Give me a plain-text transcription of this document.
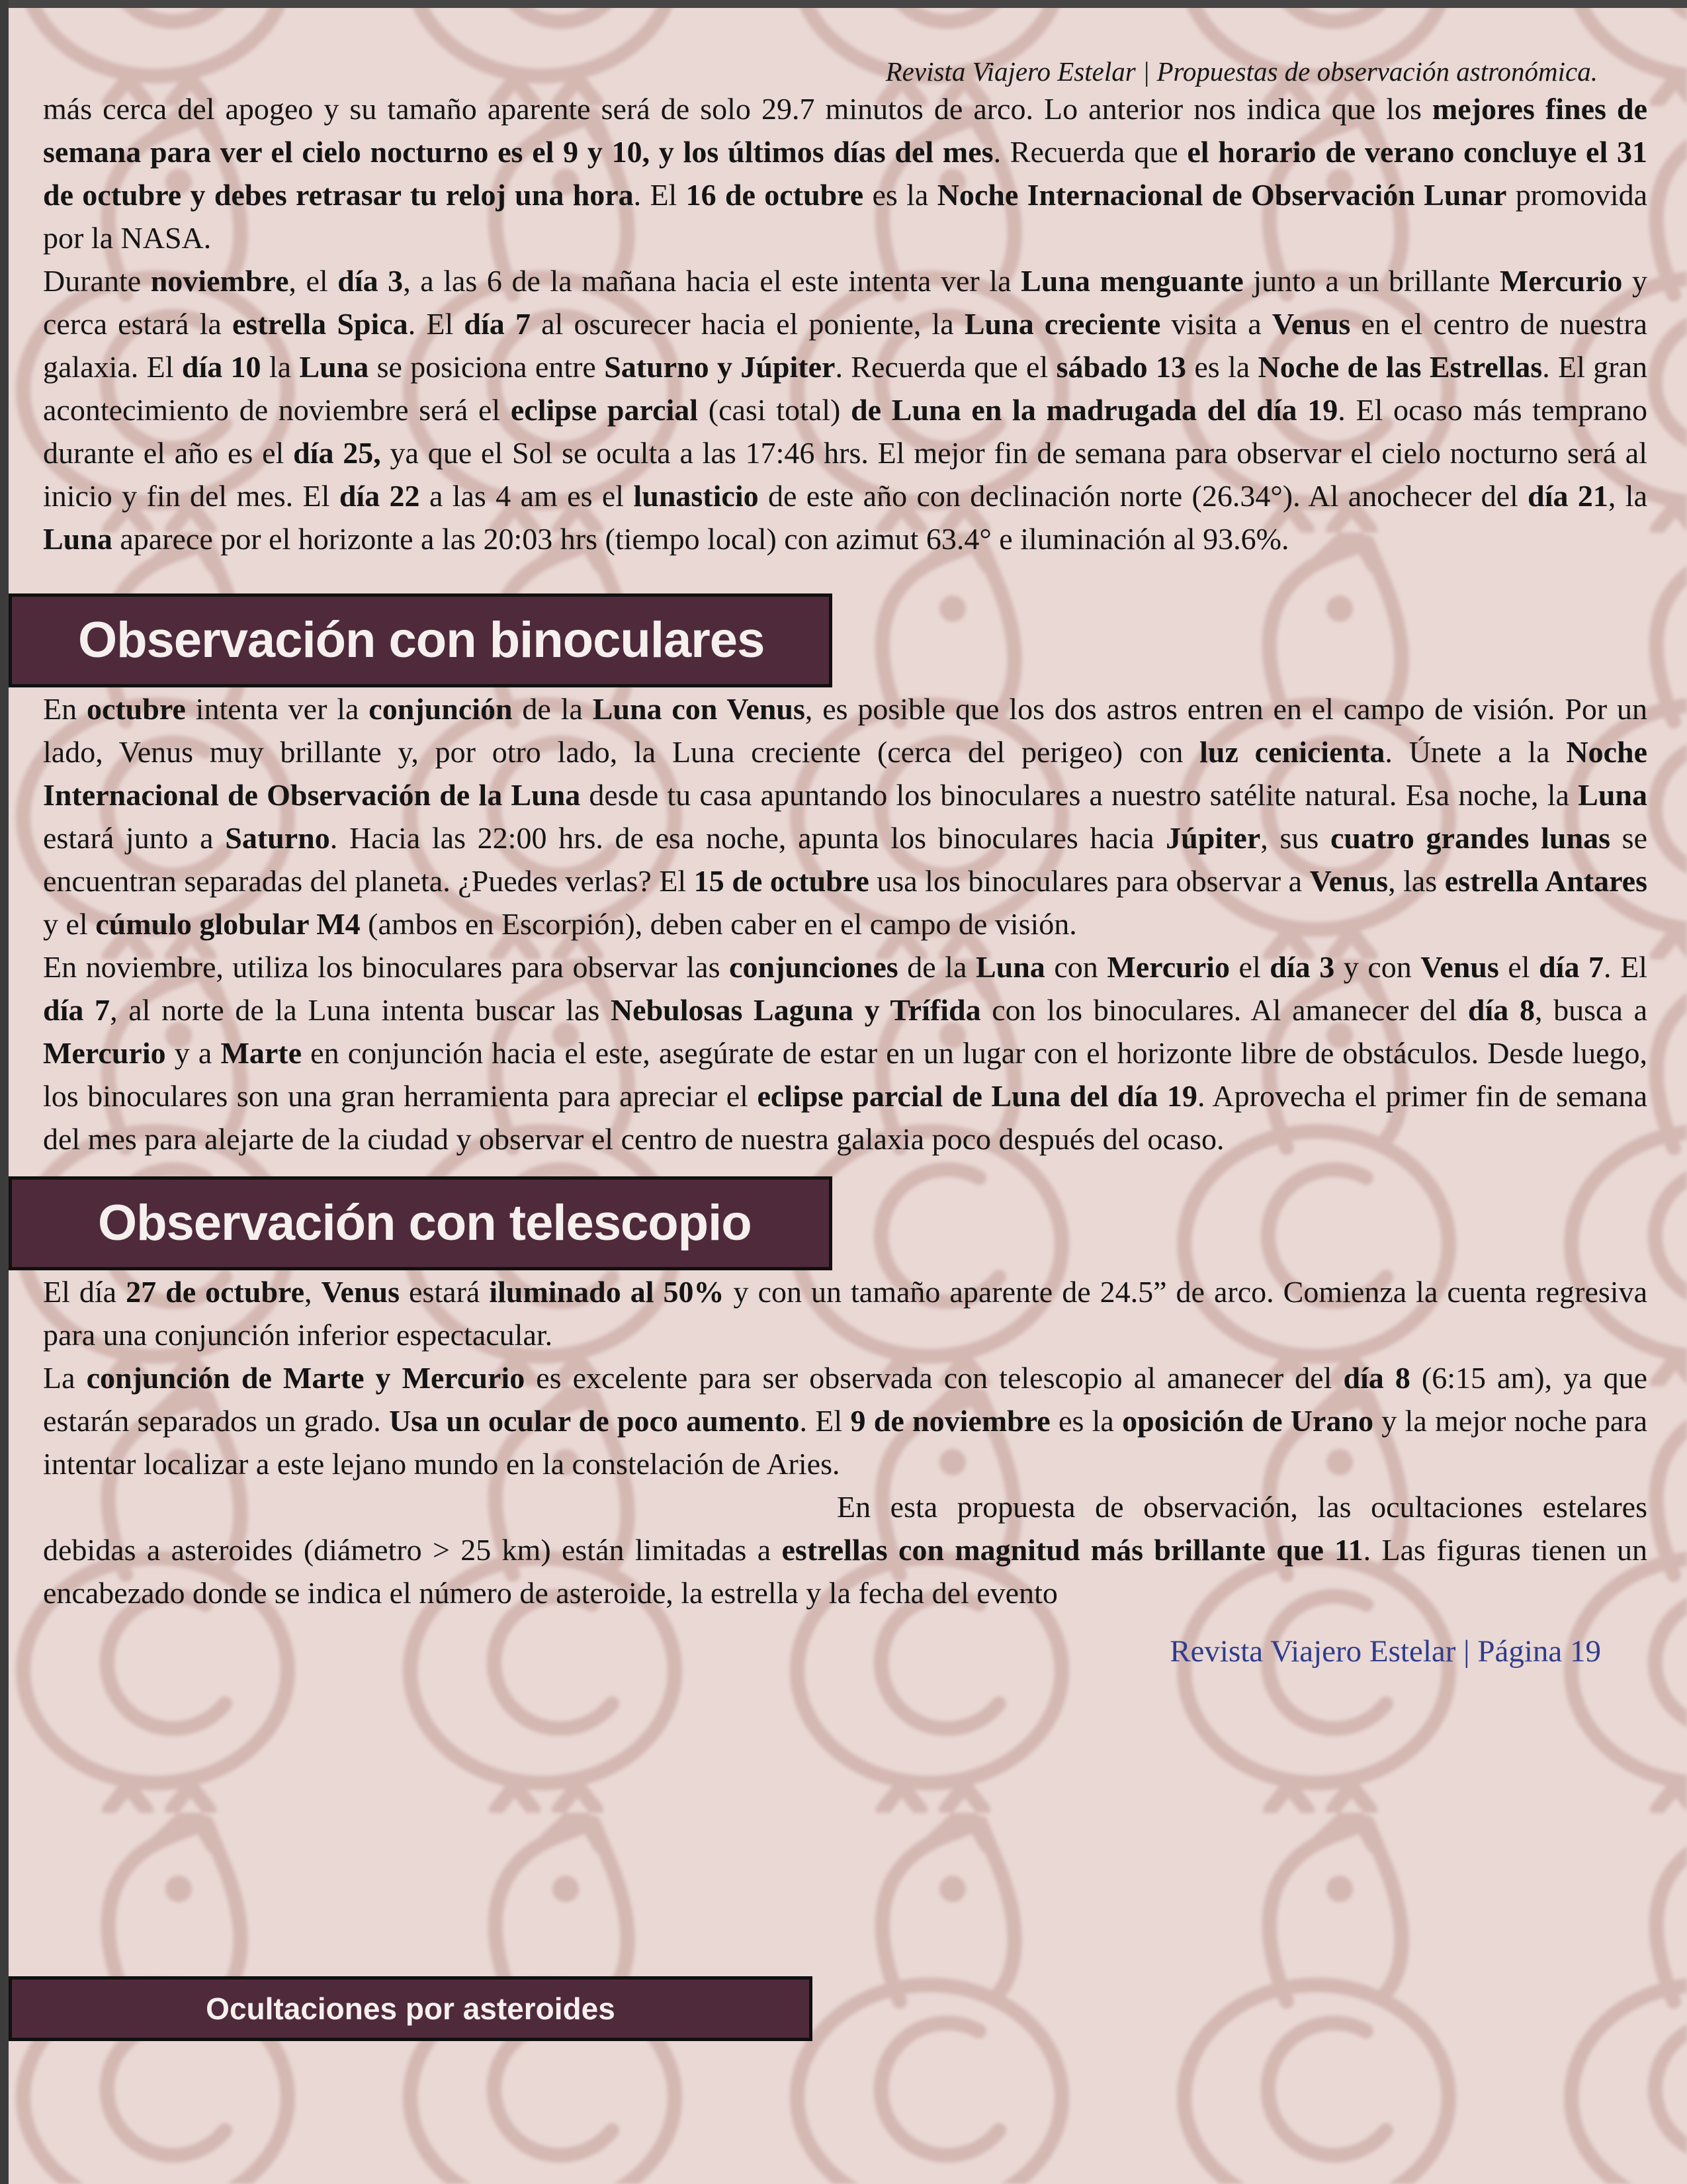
Revista Viajero Estelar | Propuestas de observación astronómica.

más cerca del apogeo y su tamaño aparente será de solo 29.7 minutos de arco. Lo anterior nos indica que los mejores fines de semana para ver el cielo nocturno es el 9 y 10, y los últimos días del mes. Recuerda que el horario de verano concluye el 31 de octubre y debes retrasar tu reloj una hora. El 16 de octubre es la Noche Internacional de Observación Lunar promovida por la NASA.

Durante noviembre, el día 3, a las 6 de la mañana hacia el este intenta ver la Luna menguante junto a un brillante Mercurio y cerca estará la estrella Spica. El día 7 al oscurecer hacia el poniente, la Luna creciente visita a Venus en el centro de nuestra galaxia. El día 10 la Luna se posiciona entre Saturno y Júpiter. Recuerda que el sábado 13 es la Noche de las Estrellas. El gran acontecimiento de noviembre será el eclipse parcial (casi total) de Luna en la madrugada del día 19. El ocaso más temprano durante el año es el día 25, ya que el Sol se oculta a las 17:46 hrs. El mejor fin de semana para observar el cielo nocturno será al inicio y fin del mes. El día 22 a las 4 am es el lunasticio de este año con declinación norte (26.34°). Al anochecer del día 21, la Luna aparece por el horizonte a las 20:03 hrs (tiempo local) con azimut 63.4° e iluminación al 93.6%.

Observación con binoculares

En octubre intenta ver la conjunción de la Luna con Venus, es posible que los dos astros entren en el campo de visión. Por un lado, Venus muy brillante y, por otro lado, la Luna creciente (cerca del perigeo) con luz cenicienta. Únete a la Noche Internacional de Observación de la Luna desde tu casa apuntando los binoculares a nuestro satélite natural. Esa noche, la Luna estará junto a Saturno. Hacia las 22:00 hrs. de esa noche, apunta los binoculares hacia Júpiter, sus cuatro grandes lunas se encuentran separadas del planeta. ¿Puedes verlas? El 15 de octubre usa los binoculares para observar a Venus, las estrella Antares y el cúmulo globular M4 (ambos en Escorpión), deben caber en el campo de visión.

En noviembre, utiliza los binoculares para observar las conjunciones de la Luna con Mercurio el día 3 y con Venus el día 7. El día 7, al norte de la Luna intenta buscar las Nebulosas Laguna y Trífida con los binoculares. Al amanecer del día 8, busca a Mercurio y a Marte en conjunción hacia el este, asegúrate de estar en un lugar con el horizonte libre de obstáculos. Desde luego, los binoculares son una gran herramienta para apreciar el eclipse parcial de Luna del día 19. Aprovecha el primer fin de semana del mes para alejarte de la ciudad y observar el centro de nuestra galaxia poco después del ocaso.

Observación con telescopio

El día 27 de octubre, Venus estará iluminado al 50% y con un tamaño aparente de 24.5” de arco. Comienza la cuenta regresiva para una conjunción inferior espectacular.

La conjunción de Marte y Mercurio es excelente para ser observada con telescopio al amanecer del día 8 (6:15 am), ya que estarán separados un grado. Usa un ocular de poco aumento. El 9 de noviembre es la oposición de Urano y la mejor noche para intentar localizar a este lejano mundo en la constelación de Aries.

Ocultaciones por asteroides

En esta propuesta de observación, las ocultaciones estelares debidas a asteroides (diámetro > 25 km) están limitadas a estrellas con magnitud más brillante que 11. Las figuras tienen un encabezado donde se indica el número de asteroide, la estrella y la fecha del evento

Revista Viajero Estelar | Página 19
